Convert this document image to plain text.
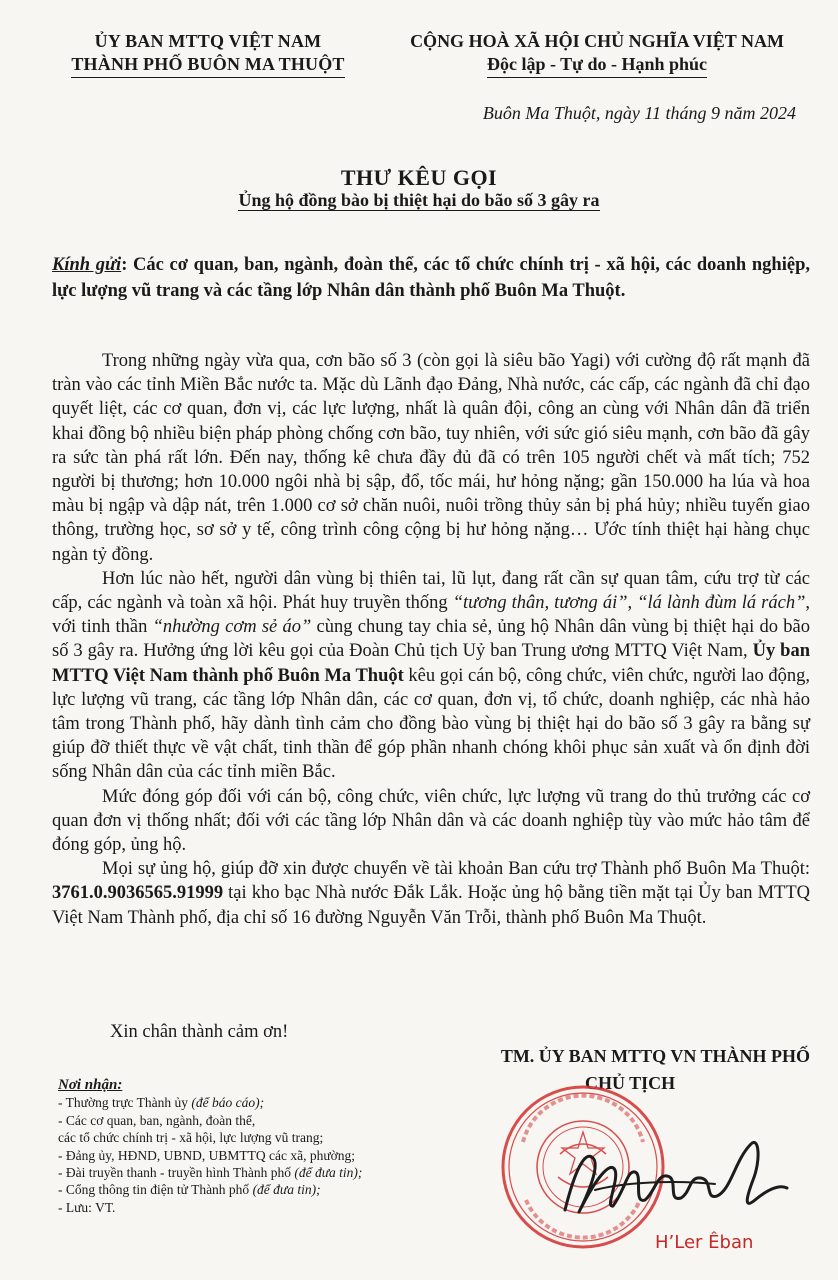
ỦY BAN MTTQ VIỆT NAM
THÀNH PHỐ BUÔN MA THUỘT
CỘNG HOÀ XÃ HỘI CHỦ NGHĨA VIỆT NAM
Độc lập - Tự do - Hạnh phúc
Buôn Ma Thuột, ngày 11 tháng 9 năm 2024
THƯ KÊU GỌI
Ủng hộ đồng bào bị thiệt hại do bão số 3 gây ra
Kính gửi: Các cơ quan, ban, ngành, đoàn thể, các tổ chức chính trị - xã hội, các doanh nghiệp, lực lượng vũ trang và các tầng lớp Nhân dân thành phố Buôn Ma Thuột.

Trong những ngày vừa qua, cơn bão số 3 (còn gọi là siêu bão Yagi) với cường độ rất mạnh đã tràn vào các tỉnh Miền Bắc nước ta. Mặc dù Lãnh đạo Đảng, Nhà nước, các cấp, các ngành đã chỉ đạo quyết liệt, các cơ quan, đơn vị, các lực lượng, nhất là quân đội, công an cùng với Nhân dân đã triển khai đồng bộ nhiều biện pháp phòng chống cơn bão, tuy nhiên, với sức gió siêu mạnh, cơn bão đã gây ra sức tàn phá rất lớn. Đến nay, thống kê chưa đầy đủ đã có trên 105 người chết và mất tích; 752 người bị thương; hơn 10.000 ngôi nhà bị sập, đổ, tốc mái, hư hỏng nặng; gần 150.000 ha lúa và hoa màu bị ngập và dập nát, trên 1.000 cơ sở chăn nuôi, nuôi trồng thủy sản bị phá hủy; nhiều tuyến giao thông, trường học, sơ sở y tế, công trình công cộng bị hư hỏng nặng… Ước tính thiệt hại hàng chục ngàn tỷ đồng.

Hơn lúc nào hết, người dân vùng bị thiên tai, lũ lụt, đang rất cần sự quan tâm, cứu trợ từ các cấp, các ngành và toàn xã hội. Phát huy truyền thống “tương thân, tương ái”, “lá lành đùm lá rách”, với tinh thần “nhường cơm sẻ áo” cùng chung tay chia sẻ, ủng hộ Nhân dân vùng bị thiệt hại do bão số 3 gây ra. Hưởng ứng lời kêu gọi của Đoàn Chủ tịch Uỷ ban Trung ương MTTQ Việt Nam, Ủy ban MTTQ Việt Nam thành phố Buôn Ma Thuột kêu gọi cán bộ, công chức, viên chức, người lao động, lực lượng vũ trang, các tầng lớp Nhân dân, các cơ quan, đơn vị, tổ chức, doanh nghiệp, các nhà hảo tâm trong Thành phố, hãy dành tình cảm cho đồng bào vùng bị thiệt hại do bão số 3 gây ra bằng sự giúp đỡ thiết thực về vật chất, tinh thần để góp phần nhanh chóng khôi phục sản xuất và ổn định đời sống Nhân dân của các tỉnh miền Bắc.

Mức đóng góp đối với cán bộ, công chức, viên chức, lực lượng vũ trang do thủ trưởng các cơ quan đơn vị thống nhất; đối với các tầng lớp Nhân dân và các doanh nghiệp tùy vào mức hảo tâm để đóng góp, ủng hộ.

Mọi sự ủng hộ, giúp đỡ xin được chuyển về tài khoản Ban cứu trợ Thành phố Buôn Ma Thuột: 3761.0.9036565.91999 tại kho bạc Nhà nước Đắk Lắk. Hoặc ủng hộ bằng tiền mặt tại Ủy ban MTTQ Việt Nam Thành phố, địa chỉ số 16 đường Nguyễn Văn Trỗi, thành phố Buôn Ma Thuột.

Xin chân thành cảm ơn!
TM. ỦY BAN MTTQ VN THÀNH PHỐ
CHỦ TỊCH
Nơi nhận:
- Thường trực Thành ủy (để báo cáo);
- Các cơ quan, ban, ngành, đoàn thể,
các tổ chức chính trị - xã hội, lực lượng vũ trang;
- Đảng ủy, HĐND, UBND, UBMTTQ các xã, phường;
- Đài truyền thanh - truyền hình Thành phố (để đưa tin);
- Cổng thông tin điện tử Thành phố (để đưa tin);
- Lưu: VT.
H’Ler Êban
